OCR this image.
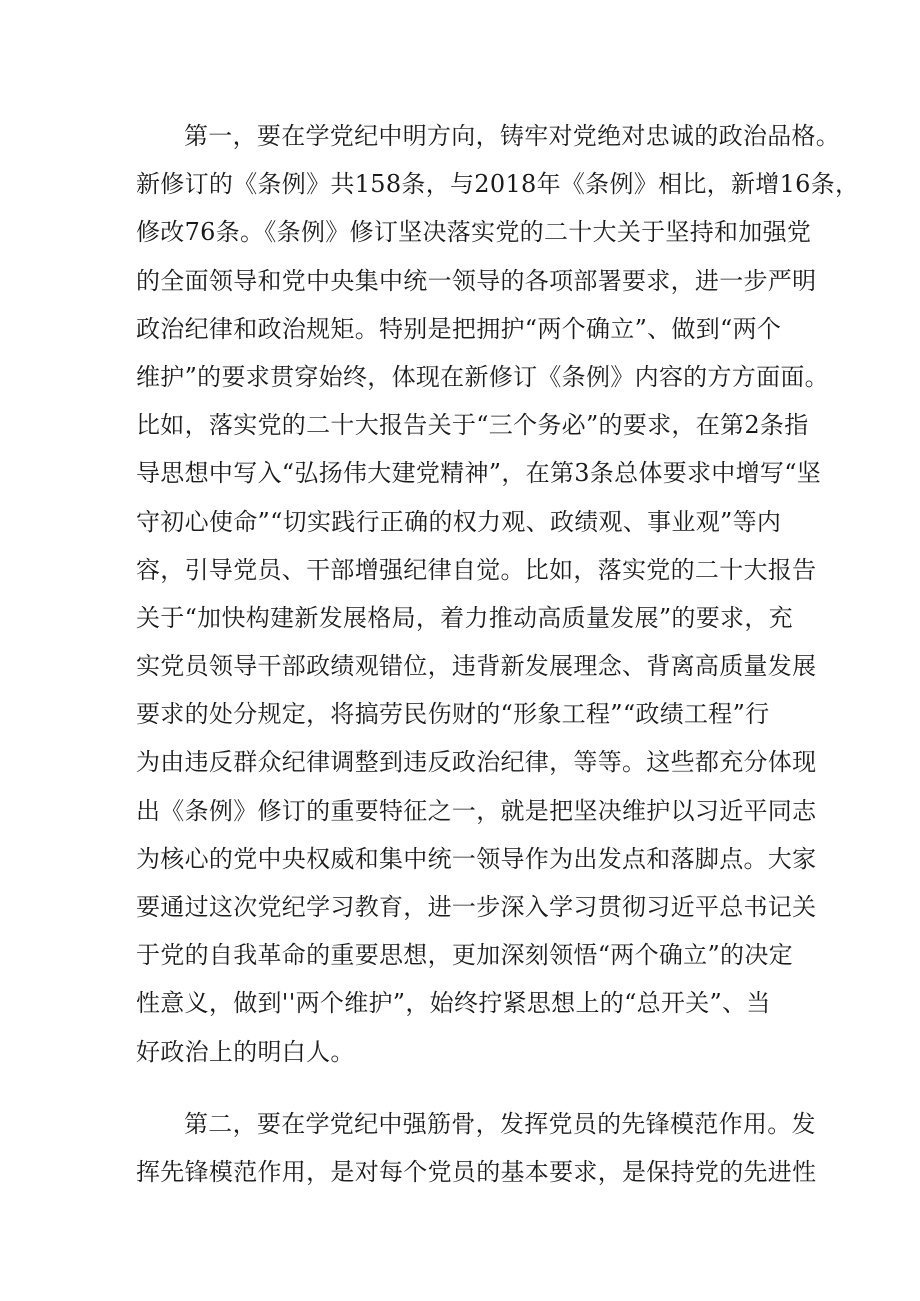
第一，要在学党纪中明方向，铸牢对党绝对忠诚的政治品格。
新修订的《条例》共158条，与2018年《条例》相比，新增16条，
修改76条。《条例》修订坚决落实党的二十大关于坚持和加强党
的全面领导和党中央集中统一领导的各项部署要求，进一步严明
政治纪律和政治规矩。特别是把拥护“两个确立”、做到“两个
维护”的要求贯穿始终，体现在新修订《条例》内容的方方面面。
比如，落实党的二十大报告关于“三个务必”的要求，在第2条指
导思想中写入“弘扬伟大建党精神”，在第3条总体要求中增写“坚
守初心使命”“切实践行正确的权力观、政绩观、事业观”等内
容，引导党员、干部增强纪律自觉。比如，落实党的二十大报告
关于“加快构建新发展格局，着力推动高质量发展”的要求，充
实党员领导干部政绩观错位，违背新发展理念、背离高质量发展
要求的处分规定，将搞劳民伤财的“形象工程”“政绩工程”行
为由违反群众纪律调整到违反政治纪律，等等。这些都充分体现
出《条例》修订的重要特征之一，就是把坚决维护以习近平同志
为核心的党中央权威和集中统一领导作为出发点和落脚点。大家
要通过这次党纪学习教育，进一步深入学习贯彻习近平总书记关
于党的自我革命的重要思想，更加深刻领悟“两个确立”的决定
性意义，做到''两个维护”，始终拧紧思想上的“总开关”、当
好政治上的明白人。
第二，要在学党纪中强筋骨，发挥党员的先锋模范作用。发
挥先锋模范作用，是对每个党员的基本要求，是保持党的先进性
